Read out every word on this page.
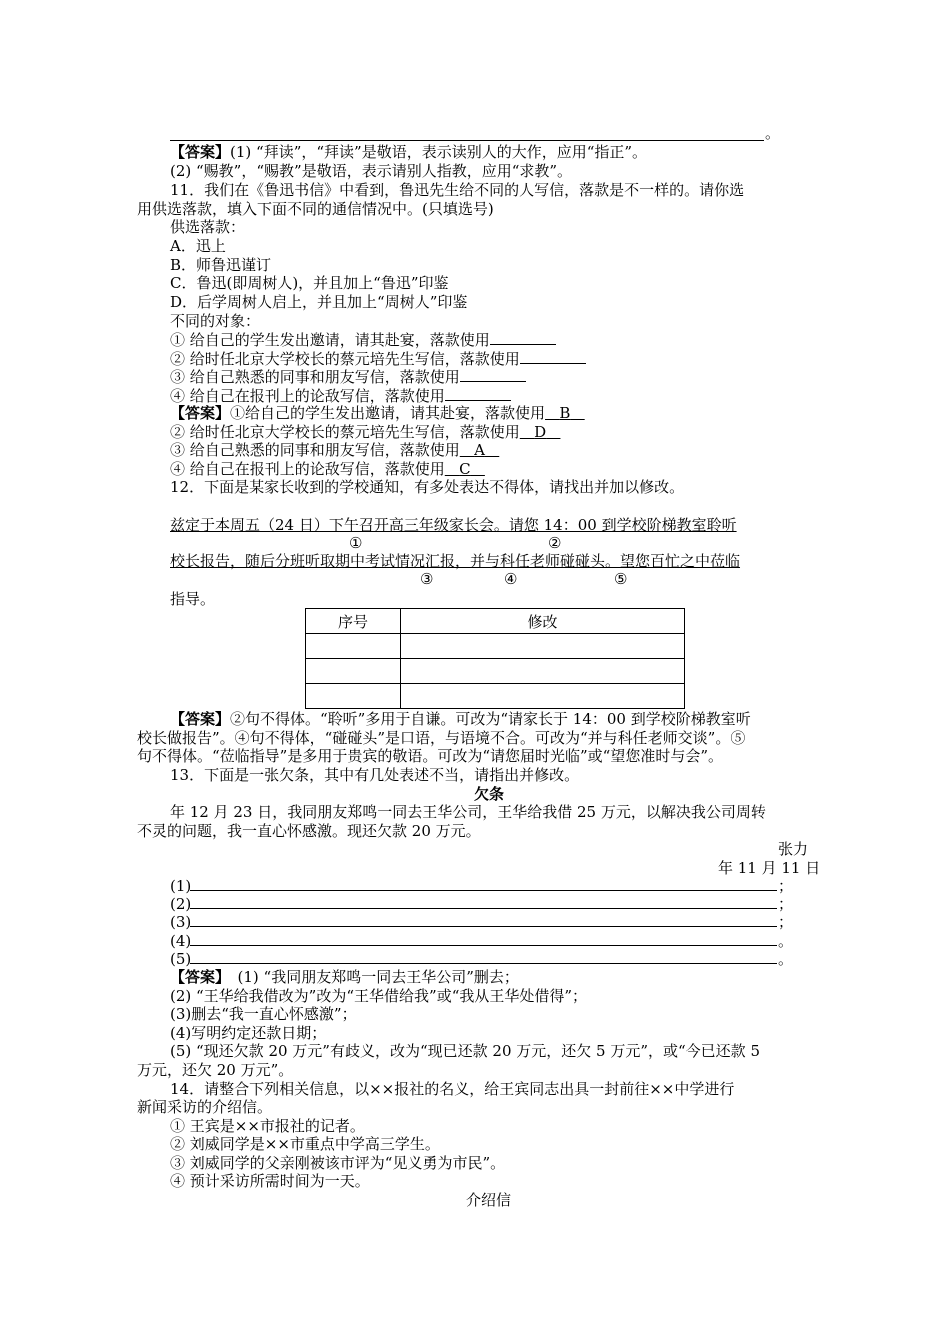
。
【答案】(1) “拜读”，“拜读”是敬语，表示读别人的大作，应用“指正”。
(2) “赐教”，“赐教”是敬语，表示请别人指教，应用“求教”。
11．我们在《鲁迅书信》中看到，鲁迅先生给不同的人写信，落款是不一样的。请你选
用供选落款，填入下面不同的通信情况中。(只填选号)
供选落款：
A．迅上
B．师鲁迅谨订
C．鲁迅(即周树人)，并且加上“鲁迅”印鉴
D．后学周树人启上，并且加上“周树人”印鉴
不同的对象：
① 给自己的学生发出邀请，请其赴宴，落款使用
② 给时任北京大学校长的蔡元培先生写信，落款使用
③ 给自己熟悉的同事和朋友写信，落款使用
④ 给自己在报刊上的论敌写信，落款使用
【答案】①给自己的学生发出邀请，请其赴宴，落款使用 B
② 给时任北京大学校长的蔡元培先生写信，落款使用 D
③ 给自己熟悉的同事和朋友写信，落款使用 A
④ 给自己在报刊上的论敌写信，落款使用 C
12．下面是某家长收到的学校通知，有多处表达不得体，请找出并加以修改。
兹定于本周五（24 日）下午召开高三年级家长会。请您 14：00 到学校阶梯教室聆听
①	②
校长报告，随后分班听取期中考试情况汇报，并与科任老师碰碰头。望您百忙之中莅临
③	④	⑤
指导。
序号	修改

【答案】②句不得体。“聆听”多用于自谦。可改为“请家长于 14：00 到学校阶梯教室听
校长做报告”。④句不得体，“碰碰头”是口语，与语境不合。可改为“并与科任老师交谈”。⑤
句不得体。“莅临指导”是多用于贵宾的敬语。可改为“请您届时光临”或“望您准时与会”。
13．下面是一张欠条，其中有几处表述不当，请指出并修改。
欠条
年 12 月 23 日，我同朋友郑鸣一同去王华公司，王华给我借 25 万元，以解决我公司周转
不灵的问题，我一直心怀感激。现还欠款 20 万元。
张力
年 11 月 11 日
(1)	；
(2)	；
(3)	；
(4)	。
(5)	。
【答案】　(1) “我同朋友郑鸣一同去王华公司”删去；
(2) “王华给我借改为”改为“王华借给我”或“我从王华处借得”；
(3)删去“我一直心怀感激”；
(4)写明约定还款日期；
(5) “现还欠款 20 万元”有歧义，改为“现已还款 20 万元，还欠 5 万元”，或“今已还款 5
万元，还欠 20 万元”。
14．请整合下列相关信息，以××报社的名义，给王宾同志出具一封前往××中学进行
新闻采访的介绍信。
① 王宾是××市报社的记者。
② 刘威同学是××市重点中学高三学生。
③ 刘威同学的父亲刚被该市评为“见义勇为市民”。
④ 预计采访所需时间为一天。
介绍信
